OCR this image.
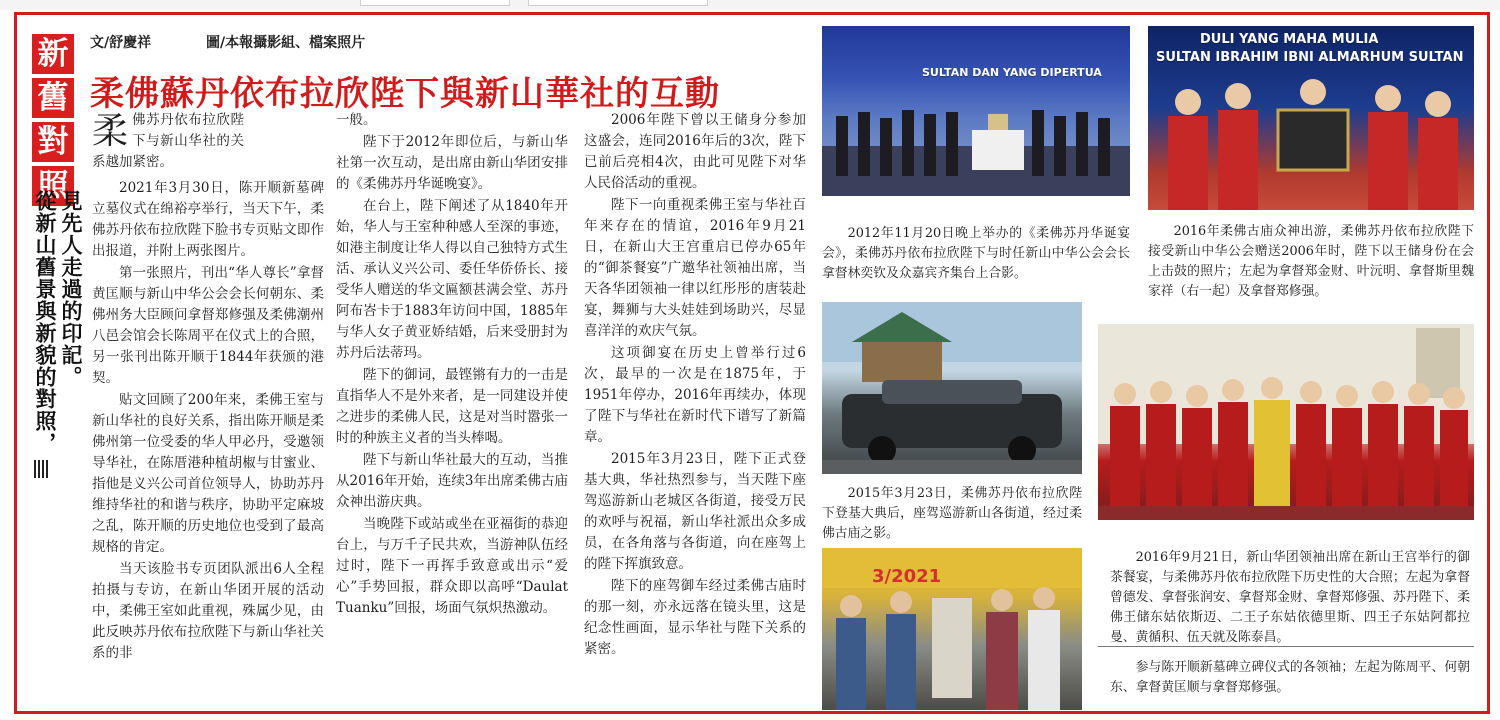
新
舊
對
照
見先人走過的印記。
從新山舊景與新貌的對照，
文/舒慶祥	圖/本報攝影組、檔案照片
柔佛蘇丹依布拉欣陛下與新山華社的互動

柔佛苏丹依布拉欣陛下与新山华社的关系越加紧密。

2021年3月30日，陈开顺新墓碑立墓仪式在绵裕亭举行，当天下午，柔佛苏丹依布拉欣陛下脸书专页贴文即作出报道，并附上两张图片。

第一张照片，刊出“华人尊长”拿督黄匡顺与新山中华公会会长何朝东、柔佛州务大臣顾问拿督郑修强及柔佛潮州八邑会馆会长陈周平在仪式上的合照，另一张刊出陈开顺于1844年获颁的港契。

贴文回顾了200年来，柔佛王室与新山华社的良好关系，指出陈开顺是柔佛州第一位受委的华人甲必丹，受邀领导华社，在陈厝港种植胡椒与甘蜜业、指他是义兴公司首位领导人，协助苏丹维持华社的和谐与秩序，协助平定麻坡之乱，陈开顺的历史地位也受到了最高规格的肯定。

当天该脸书专页团队派出6人全程拍摄与专访，在新山华团开展的活动中，柔佛王室如此重视，殊属少见，由此反映苏丹依布拉欣陛下与新山华社关系的非

一般。

陛下于2012年即位后，与新山华社第一次互动，是出席由新山华团安排的《柔佛苏丹华诞晚宴》。

在台上，陛下阐述了从1840年开始，华人与王室种种感人至深的事迹，如港主制度让华人得以自己独特方式生活、承认义兴公司、委任华侨侨长、接受华人赠送的华文匾额甚满会堂、苏丹阿布峇卡于1883年访问中国，1885年与华人女子黄亚娇结婚，后来受册封为苏丹后法蒂玛。

陛下的御词，最铿锵有力的一击是直指华人不是外来者，是一同建设并使之进步的柔佛人民，这是对当时嚣张一时的种族主义者的当头棒喝。

陛下与新山华社最大的互动，当推从2016年开始，连续3年出席柔佛古庙众神出游庆典。

当晚陛下或站或坐在亚福街的恭迎台上，与万千子民共欢，当游神队伍经过时，陛下一再挥手致意或出示“爱心”手势回报，群众即以高呼“Daulat Tuanku”回报，场面气氛炽热激动。

2006年陛下曾以王储身分参加这盛会，连同2016年后的3次，陛下已前后亮相4次，由此可见陛下对华人民俗活动的重视。

陛下一向重视柔佛王室与华社百年来存在的情谊，2016年9月21日，在新山大王宫重启已停办65年的“御茶餐宴”广邀华社领袖出席，当天各华团领袖一律以红彤彤的唐装赴宴，舞狮与大头娃娃到场助兴，尽显喜洋洋的欢庆气氛。

这项御宴在历史上曾举行过6次，最早的一次是在1875年，于1951年停办，2016年再续办，体现了陛下与华社在新时代下谱写了新篇章。

2015年3月23日，陛下正式登基大典，华社热烈参与，当天陛下座驾巡游新山老城区各街道，接受万民的欢呼与祝福，新山华社派出众多成员，在各角落与各街道，向在座驾上的陛下挥旗致意。

陛下的座驾御车经过柔佛古庙时的那一刻，亦永远落在镜头里，这是纪念性画面，显示华社与陛下关系的紧密。

SULTAN DAN YANG DIPERTUA
DULI YANG MAHA MULIA
SULTAN IBRAHIM IBNI ALMARHUM SULTAN

2012年11月20日晚上举办的《柔佛苏丹华诞宴会》，柔佛苏丹依布拉欣陛下与时任新山中华公会会长拿督林奕钦及众嘉宾齐集台上合影。

2016年柔佛古庙众神出游，柔佛苏丹依布拉欣陛下接受新山中华公会赠送2006年时，陛下以王储身份在会上击鼓的照片；左起为拿督郑金财、叶沅明、拿督斯里魏家祥（右一起）及拿督郑修强。

2015年3月23日，柔佛苏丹依布拉欣陛下登基大典后，座驾巡游新山各街道，经过柔佛古庙之影。

2016年9月21日，新山华团领袖出席在新山王宫举行的御茶餐宴，与柔佛苏丹依布拉欣陛下历史性的大合照；左起为拿督曾德发、拿督张润安、拿督郑金财、拿督郑修强、苏丹陛下、柔佛王储东姑依斯迈、二王子东姑依德里斯、四王子东姑阿都拉曼、黄循积、伍天就及陈泰昌。

3/2021

参与陈开顺新墓碑立碑仪式的各领袖；左起为陈周平、何朝东、拿督黄匡顺与拿督郑修强。
